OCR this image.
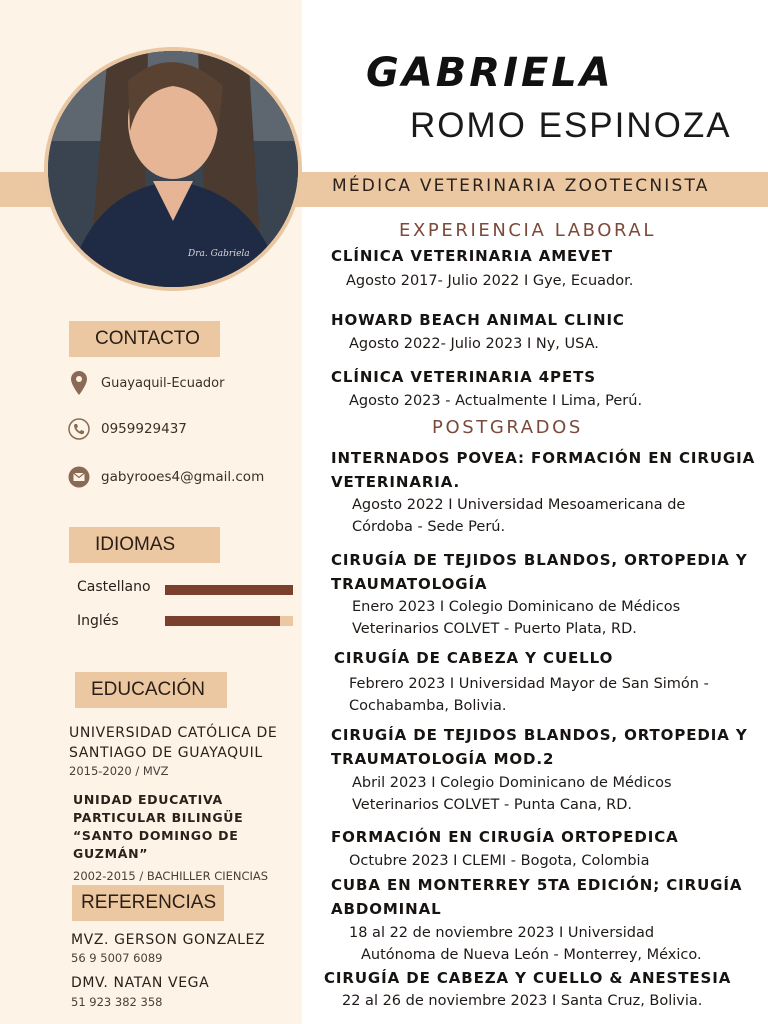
Dra. Gabriela
GABRIELA
ROMO ESPINOZA
MÉDICA VETERINARIA ZOOTECNISTA
CONTACTO
Guayaquil-Ecuador
0959929437
gabyrooes4@gmail.com
IDIOMAS
Castellano
Inglés
EDUCACIÓN
UNIVERSIDAD CATÓLICA DE SANTIAGO DE GUAYAQUIL
2015-2020 / MVZ
UNIDAD EDUCATIVA PARTICULAR BILINGÜE “SANTO DOMINGO DE GUZMÁN”
2002-2015 / BACHILLER CIENCIAS
REFERENCIAS
MVZ. GERSON GONZALEZ
56 9 5007 6089
DMV. NATAN VEGA
51 923 382 358
EXPERIENCIA LABORAL
CLÍNICA VETERINARIA AMEVET
Agosto 2017- Julio 2022 I Gye, Ecuador.
HOWARD BEACH ANIMAL CLINIC
Agosto 2022- Julio 2023 I Ny, USA.
CLÍNICA VETERINARIA 4PETS
Agosto 2023 - Actualmente I Lima, Perú.
POSTGRADOS
INTERNADOS POVEA: FORMACIÓN EN CIRUGIA
VETERINARIA.
Agosto 2022 I Universidad Mesoamericana de
Córdoba - Sede Perú.
CIRUGÍA DE TEJIDOS BLANDOS, ORTOPEDIA Y
TRAUMATOLOGÍA
Enero 2023 I Colegio Dominicano de Médicos
Veterinarios COLVET - Puerto Plata, RD.
CIRUGÍA DE CABEZA Y CUELLO
Febrero 2023 I Universidad Mayor de San Simón -
Cochabamba, Bolivia.
CIRUGÍA DE TEJIDOS BLANDOS, ORTOPEDIA Y
TRAUMATOLOGÍA MOD.2
Abril 2023 I Colegio Dominicano de Médicos
Veterinarios COLVET - Punta Cana, RD.
FORMACIÓN EN CIRUGÍA ORTOPEDICA
Octubre 2023 I CLEMI - Bogota, Colombia
CUBA EN MONTERREY 5TA EDICIÓN; CIRUGÍA
ABDOMINAL
18 al 22 de noviembre 2023 I Universidad
Autónoma de Nueva León - Monterrey, México.
CIRUGÍA DE CABEZA Y CUELLO & ANESTESIA
22 al 26 de noviembre 2023 I Santa Cruz, Bolivia.
